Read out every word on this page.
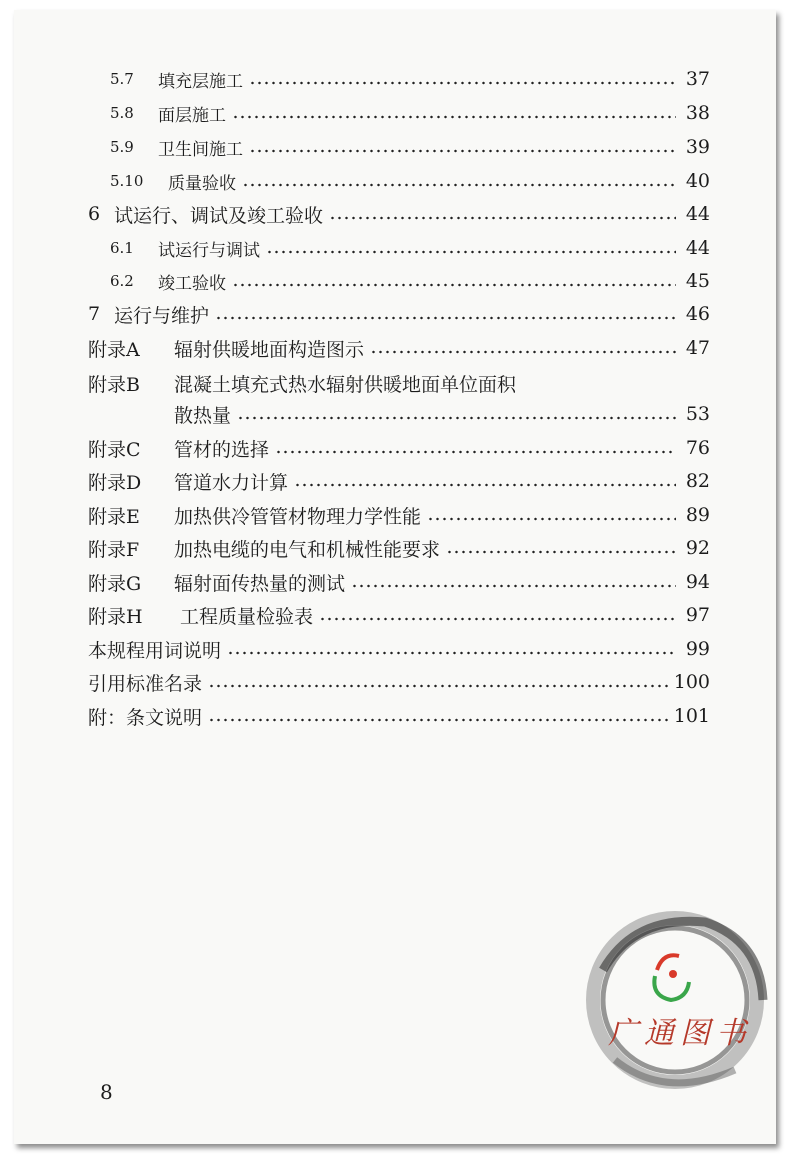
5.7	填充层施工	37
5.8	面层施工	38
5.9	卫生间施工	39
5.10	质量验收	40
6 试运行、调试及竣工验收	44
6.1	试运行与调试	44
6.2	竣工验收	45
7 运行与维护	46
附录A	辐射供暖地面构造图示	47
附录B	混凝土填充式热水辐射供暖地面单位面积
散热量	53
附录C	管材的选择	76
附录D	管道水力计算	82
附录E	加热供冷管管材物理力学性能	89
附录F	加热电缆的电气和机械性能要求	92
附录G	辐射面传热量的测试	94
附录H	工程质量检验表	97
本规程用词说明	99
引用标准名录	100
附：条文说明	101
广通图书
8
